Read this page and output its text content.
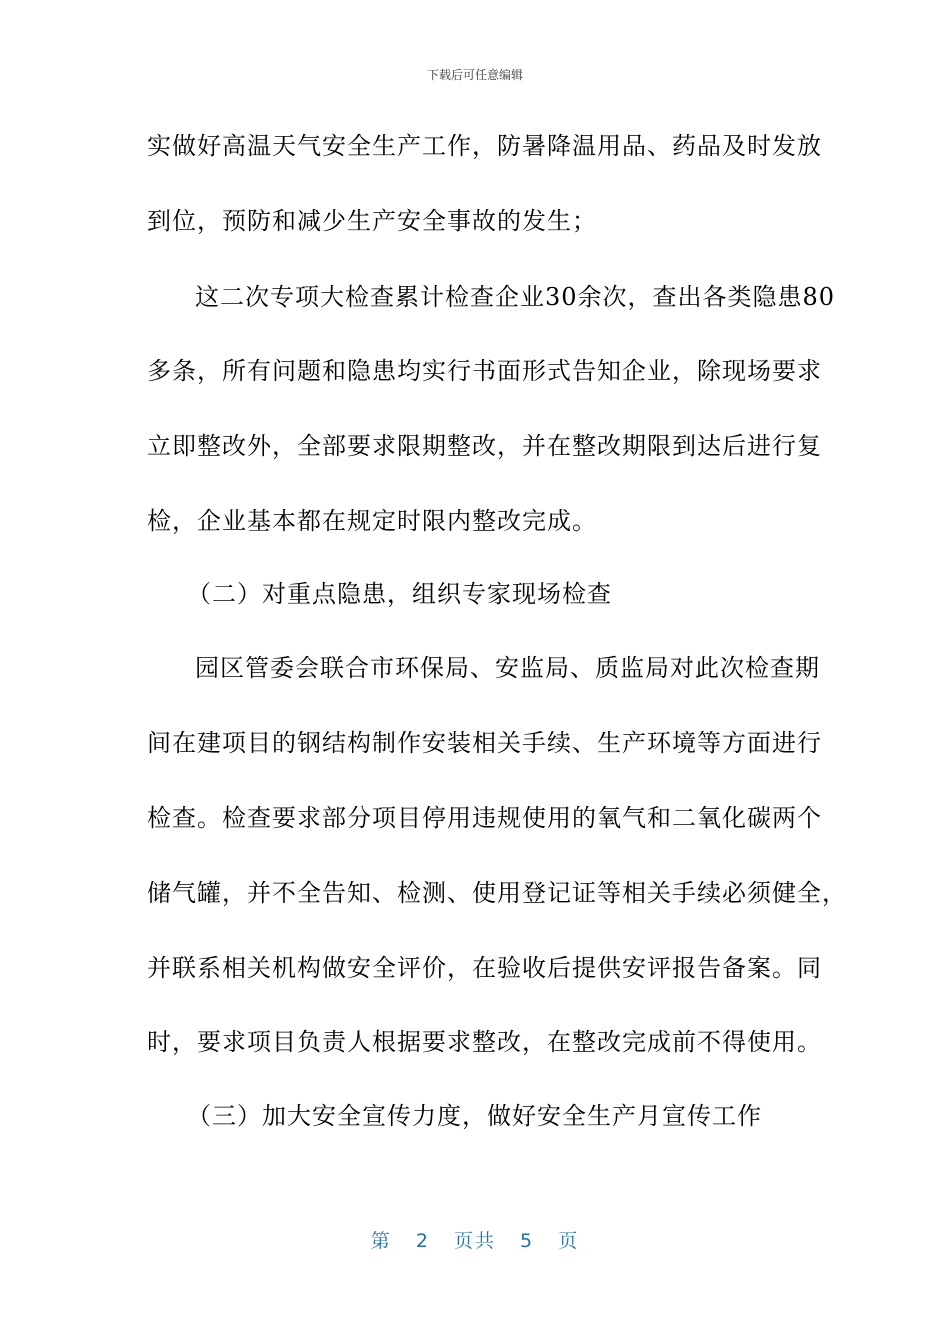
下载后可任意编辑
实做好高温天气安全生产工作，防暑降温用品、药品及时发放
到位，预防和减少生产安全事故的发生；
这二次专项大检查累计检查企业30余次，查出各类隐患80
多条，所有问题和隐患均实行书面形式告知企业，除现场要求
立即整改外，全部要求限期整改，并在整改期限到达后进行复
检，企业基本都在规定时限内整改完成。
（二）对重点隐患，组织专家现场检查
园区管委会联合市环保局、安监局、质监局对此次检查期
间在建项目的钢结构制作安装相关手续、生产环境等方面进行
检查。检查要求部分项目停用违规使用的氧气和二氧化碳两个
储气罐，并不全告知、检测、使用登记证等相关手续必须健全，
并联系相关机构做安全评价，在验收后提供安评报告备案。同
时，要求项目负责人根据要求整改，在整改完成前不得使用。
（三）加大安全宣传力度，做好安全生产月宣传工作
第 2 页共 5 页
